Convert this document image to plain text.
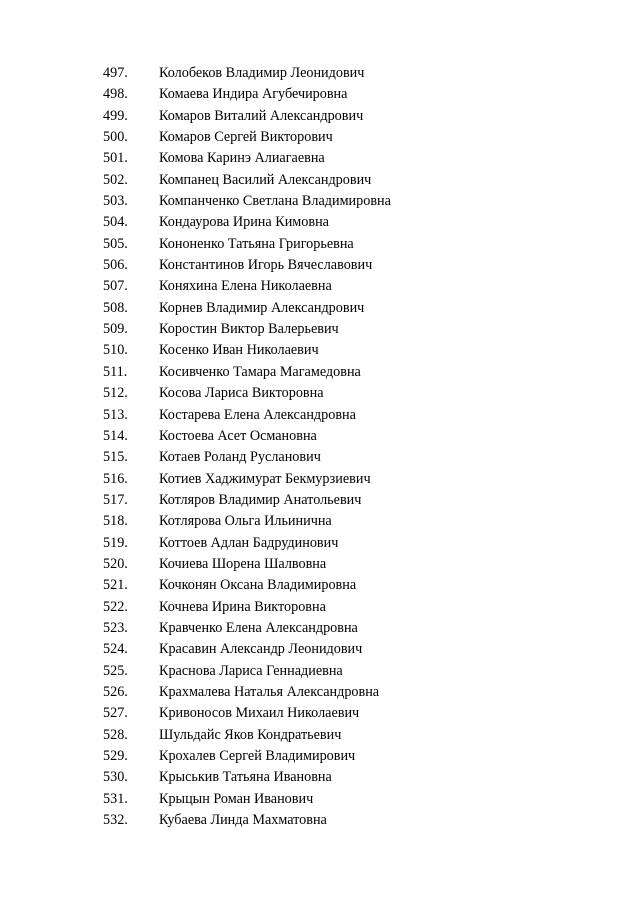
497. Колобеков Владимир Леонидович
498. Комаева Индира Агубечировна
499. Комаров Виталий Александрович
500. Комаров Сергей Викторович
501. Комова Каринэ Алиагаевна
502. Компанец Василий Александрович
503. Компанченко Светлана Владимировна
504. Кондаурова Ирина Кимовна
505. Кононенко Татьяна Григорьевна
506. Константинов Игорь Вячеславович
507. Коняхина Елена Николаевна
508. Корнев Владимир Александрович
509. Коростин Виктор Валерьевич
510. Косенко Иван Николаевич
511. Косивченко Тамара Магамедовна
512. Косова Лариса Викторовна
513. Костарева Елена Александровна
514. Костоева Асет Османовна
515. Котаев Роланд Русланович
516. Котиев Хаджимурат Бекмурзиевич
517. Котляров Владимир Анатольевич
518. Котлярова Ольга Ильинична
519. Коттоев Адлан Бадрудинович
520. Кочиева Шорена Шалвовна
521. Кочконян Оксана Владимировна
522. Кочнева Ирина Викторовна
523. Кравченко Елена Александровна
524. Красавин Александр Леонидович
525. Краснова Лариса Геннадиевна
526. Крахмалева Наталья Александровна
527. Кривоносов Михаил Николаевич
528. Шульдайс Яков Кондратьевич
529. Крохалев Сергей Владимирович
530. Крыськив Татьяна Ивановна
531. Крыцын Роман Иванович
532. Кубаева Линда Махматовна
